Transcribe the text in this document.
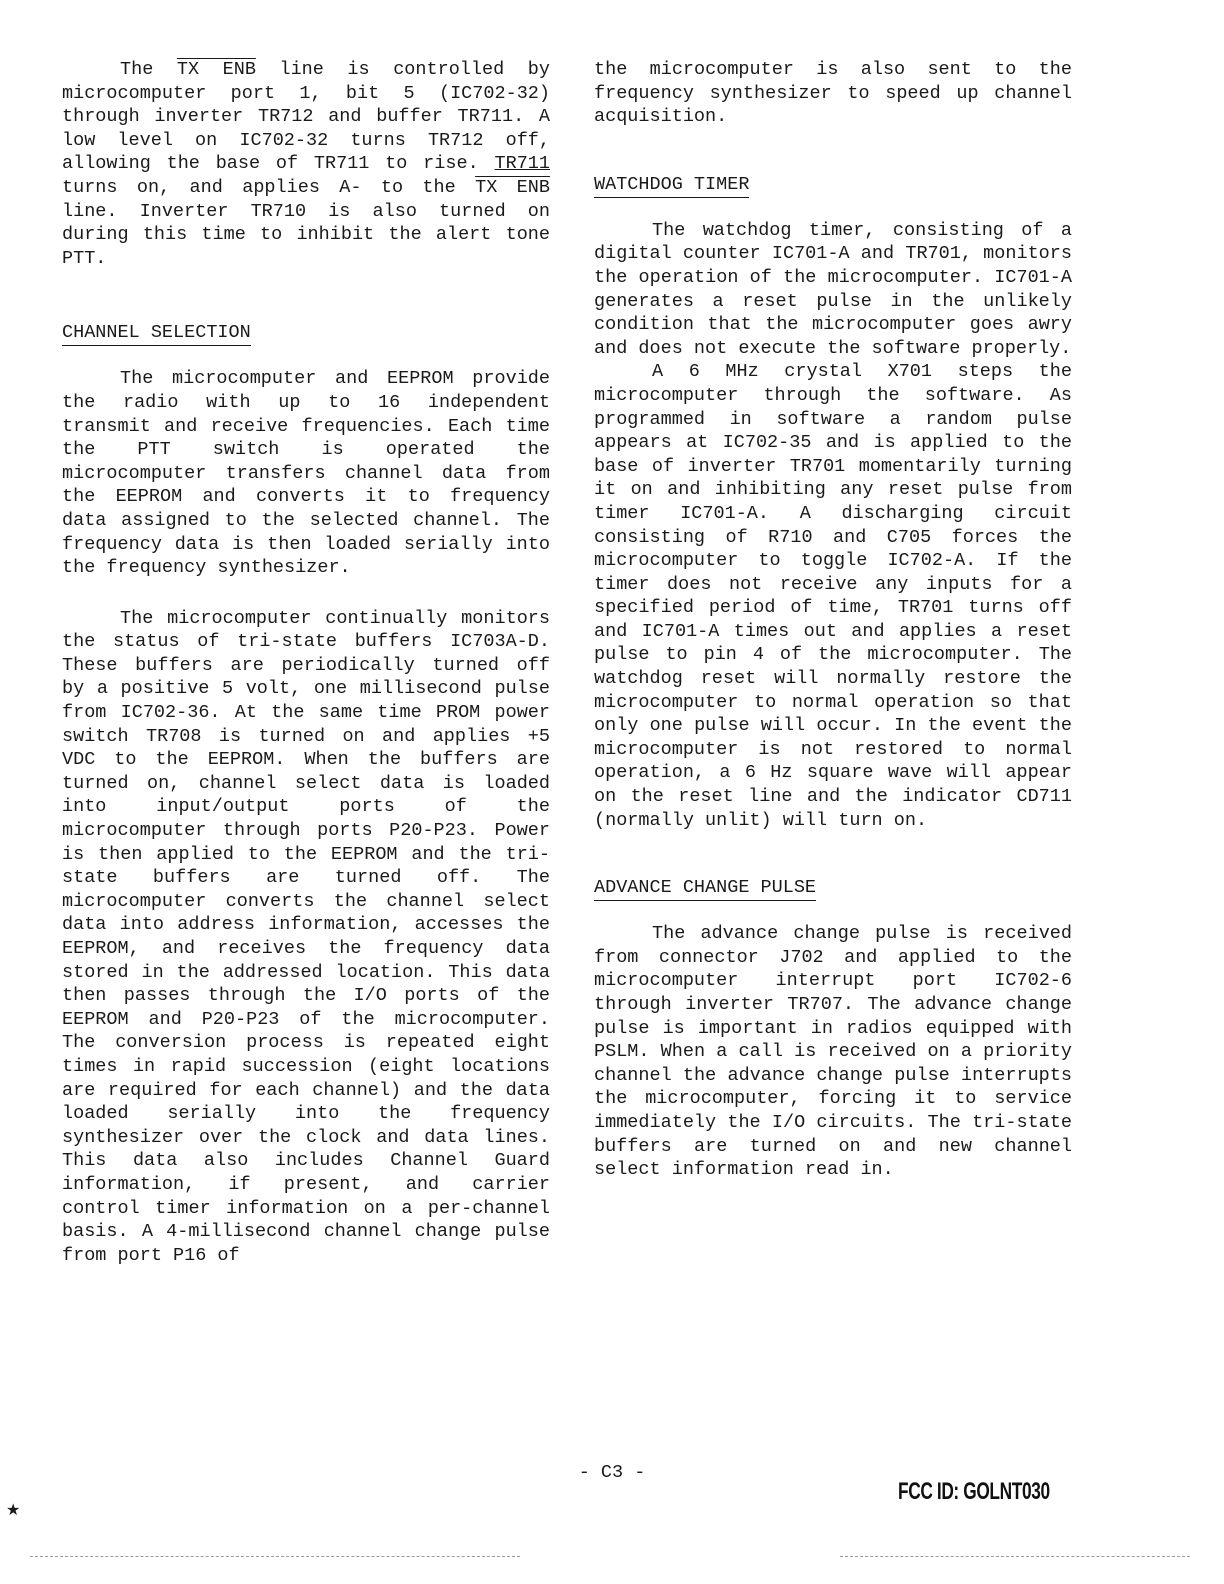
The TX ENB line is controlled by microcomputer port 1, bit 5 (IC702-32) through inverter TR712 and buffer TR711. A low level on IC702-32 turns TR712 off, allowing the base of TR711 to rise. TR711 turns on, and applies A- to the TX ENB line. Inverter TR710 is also turned on during this time to inhibit the alert tone PTT.

CHANNEL SELECTION

The microcomputer and EEPROM provide the radio with up to 16 independent transmit and receive frequencies. Each time the PTT switch is operated the microcomputer transfers channel data from the EEPROM and converts it to frequency data assigned to the selected channel. The frequency data is then loaded serially into the frequency synthesizer.

The microcomputer continually monitors the status of tri-state buffers IC703A-D. These buffers are periodically turned off by a positive 5 volt, one millisecond pulse from IC702-36. At the same time PROM power switch TR708 is turned on and applies +5 VDC to the EEPROM. When the buffers are turned on, channel select data is loaded into input/output ports of the microcomputer through ports P20-P23. Power is then applied to the EEPROM and the tri-state buffers are turned off. The microcomputer converts the channel select data into address information, accesses the EEPROM, and receives the frequency data stored in the addressed location. This data then passes through the I/O ports of the EEPROM and P20-P23 of the microcomputer. The conversion process is repeated eight times in rapid succession (eight locations are required for each channel) and the data loaded serially into the frequency synthesizer over the clock and data lines. This data also includes Channel Guard information, if present, and carrier control timer information on a per-channel basis. A 4-millisecond channel change pulse from port P16 of

the microcomputer is also sent to the frequency synthesizer to speed up channel acquisition.

WATCHDOG TIMER

The watchdog timer, consisting of a digital counter IC701-A and TR701, monitors the operation of the microcomputer. IC701-A generates a reset pulse in the unlikely condition that the microcomputer goes awry and does not execute the software properly.

A 6 MHz crystal X701 steps the microcomputer through the software. As programmed in software a random pulse appears at IC702-35 and is applied to the base of inverter TR701 momentarily turning it on and inhibiting any reset pulse from timer IC701-A. A discharging circuit consisting of R710 and C705 forces the microcomputer to toggle IC702-A. If the timer does not receive any inputs for a specified period of time, TR701 turns off and IC701-A times out and applies a reset pulse to pin 4 of the microcomputer. The watchdog reset will normally restore the microcomputer to normal operation so that only one pulse will occur. In the event the microcomputer is not restored to normal operation, a 6 Hz square wave will appear on the reset line and the indicator CD711 (normally unlit) will turn on.

ADVANCE CHANGE PULSE

The advance change pulse is received from connector J702 and applied to the microcomputer interrupt port IC702-6 through inverter TR707. The advance change pulse is important in radios equipped with PSLM. When a call is received on a priority channel the advance change pulse interrupts the microcomputer, forcing it to service immediately the I/O circuits. The tri-state buffers are turned on and new channel select information read in.

- C3 -
FCC ID: GOLNT030
★
